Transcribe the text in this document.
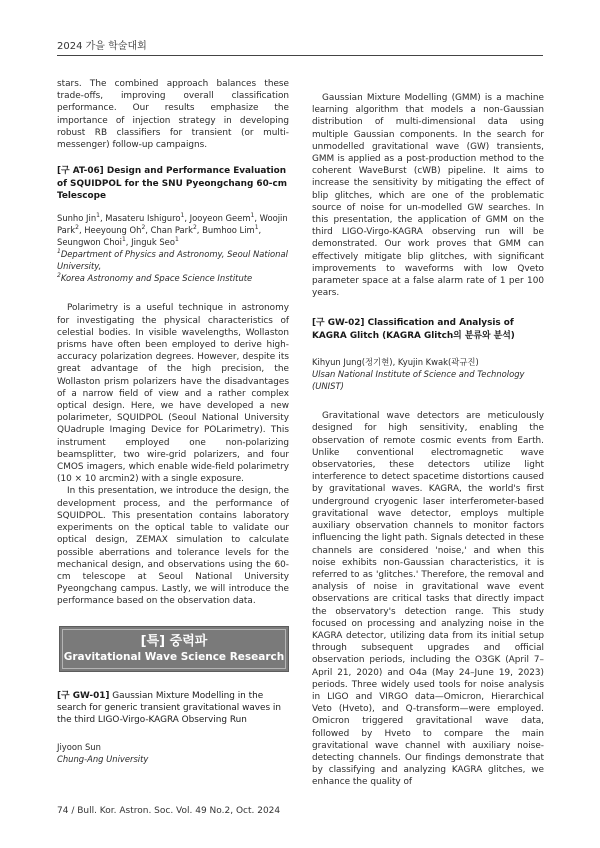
2024 가을 학술대회

stars. The combined approach balances these trade-offs, improving overall classification performance. Our results emphasize the importance of injection strategy in developing robust RB classifiers for transient (or multi-messenger) follow-up campaigns.

[구 AT-06] Design and Performance Evaluation of SQUIDPOL for the SNU Pyeongchang 60-cm Telescope
Sunho Jin$^1$, Masateru Ishiguro$^1$, Jooyeon Geem$^1$, Woojin Park$^2$, Heeyoung Oh$^2$, Chan Park$^2$, Bumhoo Lim$^1$, Seungwon Choi$^1$, Jinguk Seo$^1$
$^1$Department of Physics and Astronomy, Seoul National University,
$^2$Korea Astronomy and Space Science Institute

Polarimetry is a useful technique in astronomy for investigating the physical characteristics of celestial bodies. In visible wavelengths, Wollaston prisms have often been employed to derive high-accuracy polarization degrees. However, despite its great advantage of the high precision, the Wollaston prism polarizers have the disadvantages of a narrow field of view and a rather complex optical design. Here, we have developed a new polarimeter, SQUIDPOL (Seoul National University QUadruple Imaging Device for POLarimetry). This instrument employed one non-polarizing beamsplitter, two wire-grid polarizers, and four CMOS imagers, which enable wide-field polarimetry (10 × 10 arcmin2) with a single exposure.

In this presentation, we introduce the design, the development process, and the performance of SQUIDPOL. This presentation contains laboratory experiments on the optical table to validate our optical design, ZEMAX simulation to calculate possible aberrations and tolerance levels for the mechanical design, and observations using the 60-cm telescope at Seoul National University Pyeongchang campus. Lastly, we will introduce the performance based on the observation data.

[특] 중력파
Gravitational Wave Science Research
[구 GW-01] Gaussian Mixture Modelling in the search for generic transient gravitational waves in the third LIGO-Virgo-KAGRA Observing Run
Jiyoon Sun
Chung-Ang University

Gaussian Mixture Modelling (GMM) is a machine learning algorithm that models a non-Gaussian distribution of multi-dimensional data using multiple Gaussian components. In the search for unmodelled gravitational wave (GW) transients, GMM is applied as a post-production method to the coherent WaveBurst (cWB) pipeline. It aims to increase the sensitivity by mitigating the effect of blip glitches, which are one of the problematic source of noise for un-modelled GW searches. In this presentation, the application of GMM on the third LIGO-Virgo-KAGRA observing run will be demonstrated. Our work proves that GMM can effectively mitigate blip glitches, with significant improvements to waveforms with low Qveto parameter space at a false alarm rate of 1 per 100 years.

[구 GW-02] Classification and Analysis of KAGRA Glitch (KAGRA Glitch의 분류와 분석)
Kihyun Jung(정기현), Kyujin Kwak(곽규진)
Ulsan National Institute of Science and Technology (UNIST)

Gravitational wave detectors are meticulously designed for high sensitivity, enabling the observation of remote cosmic events from Earth. Unlike conventional electromagnetic wave observatories, these detectors utilize light interference to detect spacetime distortions caused by gravitational waves. KAGRA, the world's first underground cryogenic laser interferometer-based gravitational wave detector, employs multiple auxiliary observation channels to monitor factors influencing the light path. Signals detected in these channels are considered 'noise,' and when this noise exhibits non-Gaussian characteristics, it is referred to as 'glitches.' Therefore, the removal and analysis of noise in gravitational wave event observations are critical tasks that directly impact the observatory's detection range. This study focused on processing and analyzing noise in the KAGRA detector, utilizing data from its initial setup through subsequent upgrades and official observation periods, including the O3GK (April 7–April 21, 2020) and O4a (May 24–June 19, 2023) periods. Three widely used tools for noise analysis in LIGO and VIRGO data—Omicron, Hierarchical Veto (Hveto), and Q-transform—were employed. Omicron triggered gravitational wave data, followed by Hveto to compare the main gravitational wave channel with auxiliary noise-detecting channels. Our findings demonstrate that by classifying and analyzing KAGRA glitches, we enhance the quality of

74 / Bull. Kor. Astron. Soc. Vol. 49 No.2, Oct. 2024
